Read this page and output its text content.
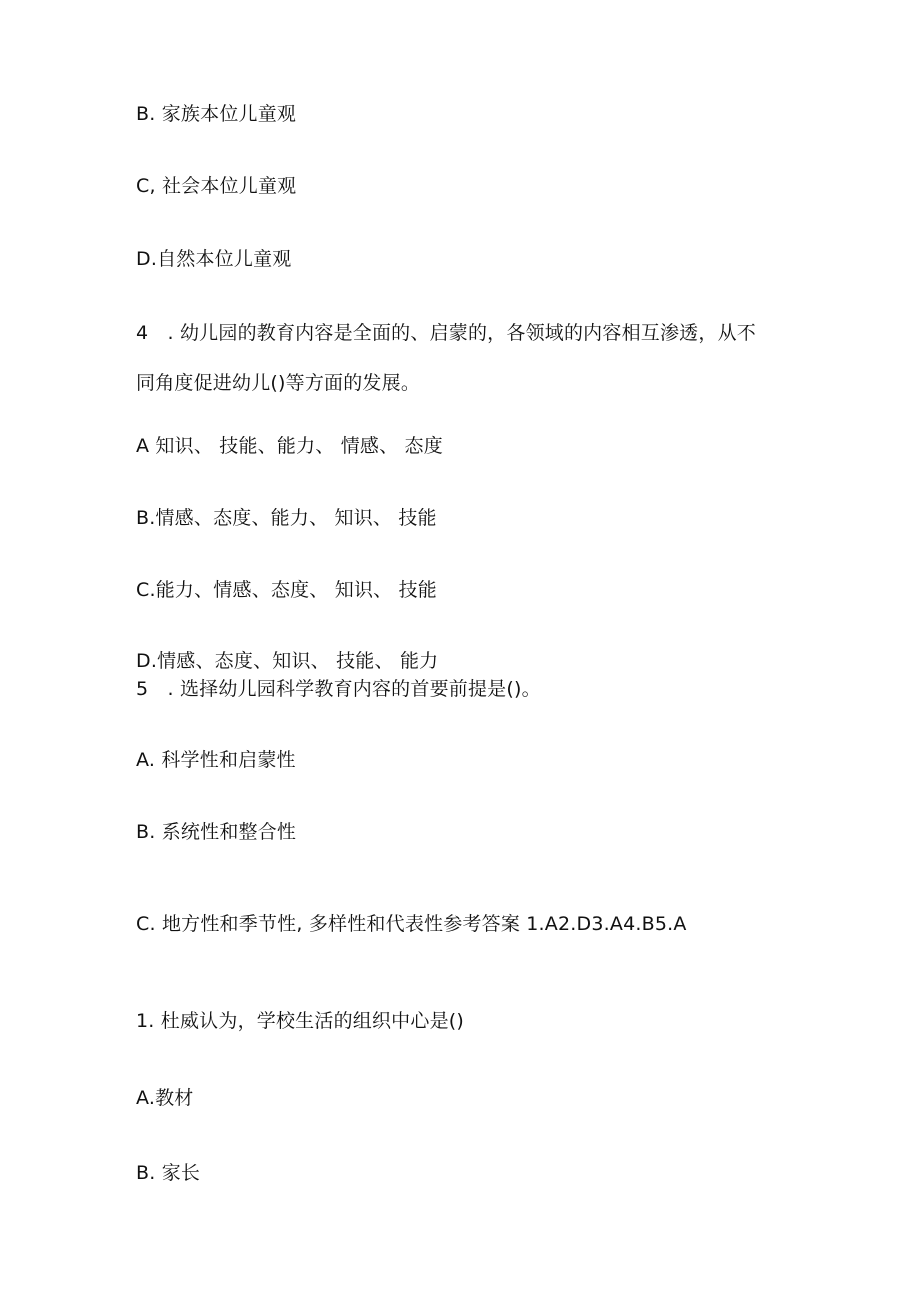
B. 家族本位儿童观
C, 社会本位儿童观
D.自然本位儿童观
4　. 幼儿园的教育内容是全面的、启蒙的，各领域的内容相互渗透，从不
同角度促进幼儿()等方面的发展。
A 知识、 技能、能力、 情感、 态度
B.情感、态度、能力、 知识、 技能
C.能力、情感、态度、 知识、 技能
D.情感、态度、知识、 技能、 能力
5　. 选择幼儿园科学教育内容的首要前提是()。
A. 科学性和启蒙性
B. 系统性和整合性
C. 地方性和季节性, 多样性和代表性参考答案 1.A2.D3.A4.B5.A
1. 杜威认为，学校生活的组织中心是()
A.教材
B. 家长
